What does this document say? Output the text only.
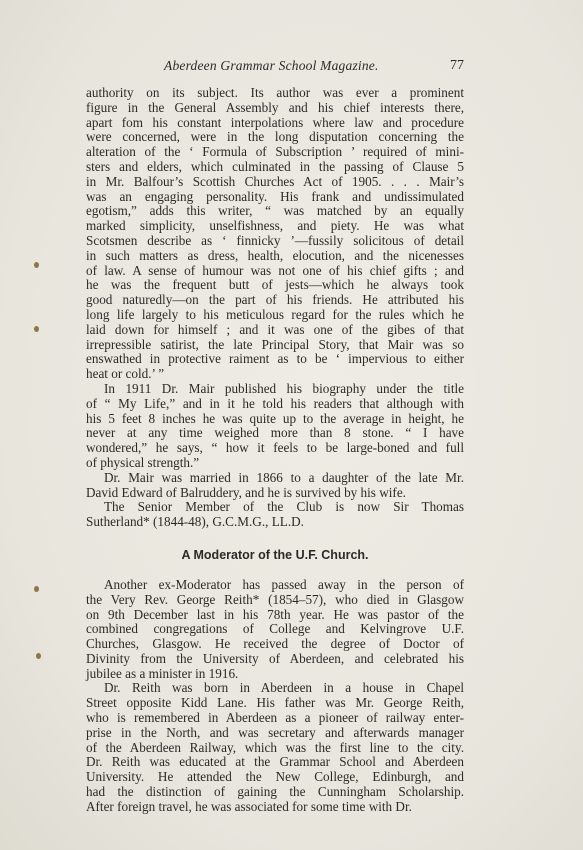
Aberdeen Grammar School Magazine.	77
authority on its subject. Its author was ever a prominent
figure in the General Assembly and his chief interests there,
apart fom his constant interpolations where law and procedure
were concerned, were in the long disputation concerning the
alteration of the ‘ Formula of Subscription ’ required of mini-
sters and elders, which culminated in the passing of Clause 5
in Mr. Balfour’s Scottish Churches Act of 1905. . . . Mair’s
was an engaging personality. His frank and undissimulated
egotism,” adds this writer, “ was matched by an equally
marked simplicity, unselfishness, and piety. He was what
Scotsmen describe as ‘ finnicky ’—fussily solicitous of detail
in such matters as dress, health, elocution, and the nicenesses
of law. A sense of humour was not one of his chief gifts ; and
he was the frequent butt of jests—which he always took
good naturedly—on the part of his friends. He attributed his
long life largely to his meticulous regard for the rules which he
laid down for himself ; and it was one of the gibes of that
irrepressible satirist, the late Principal Story, that Mair was so
enswathed in protective raiment as to be ‘ impervious to either
heat or cold.’ ”
In 1911 Dr. Mair published his biography under the title
of “ My Life,” and in it he told his readers that although with
his 5 feet 8 inches he was quite up to the average in height, he
never at any time weighed more than 8 stone. “ I have
wondered,” he says, “ how it feels to be large-boned and full
of physical strength.”
Dr. Mair was married in 1866 to a daughter of the late Mr.
David Edward of Balruddery, and he is survived by his wife.
The Senior Member of the Club is now Sir Thomas
Sutherland* (1844-48), G.C.M.G., LL.D.
A Moderator of the U.F. Church.
Another ex-Moderator has passed away in the person of
the Very Rev. George Reith* (1854–57), who died in Glasgow
on 9th December last in his 78th year. He was pastor of the
combined congregations of College and Kelvingrove U.F.
Churches, Glasgow. He received the degree of Doctor of
Divinity from the University of Aberdeen, and celebrated his
jubilee as a minister in 1916.
Dr. Reith was born in Aberdeen in a house in Chapel
Street opposite Kidd Lane. His father was Mr. George Reith,
who is remembered in Aberdeen as a pioneer of railway enter-
prise in the North, and was secretary and afterwards manager
of the Aberdeen Railway, which was the first line to the city.
Dr. Reith was educated at the Grammar School and Aberdeen
University. He attended the New College, Edinburgh, and
had the distinction of gaining the Cunningham Scholarship.
After foreign travel, he was associated for some time with Dr.
